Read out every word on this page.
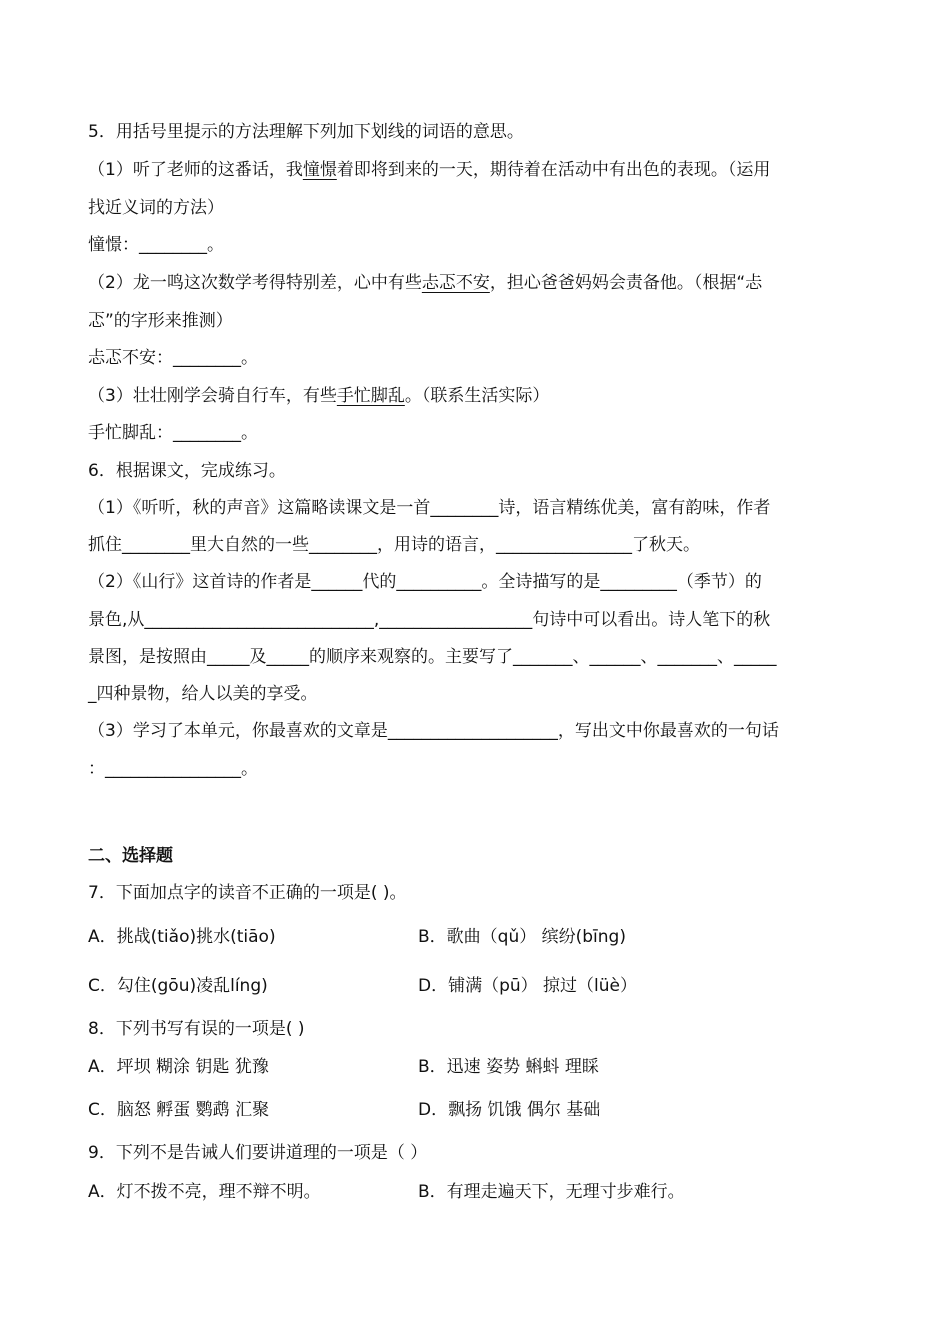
5．用括号里提示的方法理解下列加下划线的词语的意思。
（1）听了老师的这番话，我憧憬着即将到来的一天，期待着在活动中有出色的表现。（运用
找近义词的方法）
憧憬：________。
（2）龙一鸣这次数学考得特别差，心中有些忐忑不安，担心爸爸妈妈会责备他。（根据“忐
忑”的字形来推测）
忐忑不安：________。
（3）壮壮刚学会骑自行车，有些手忙脚乱。（联系生活实际）
手忙脚乱：________。
6．根据课文，完成练习。
（1）《听听，秋的声音》这篇略读课文是一首________诗，语言精练优美，富有韵味，作者
抓住________里大自然的一些________，用诗的语言，________________了秋天。
（2）《山行》这首诗的作者是______代的__________。全诗描写的是_________（季节）的
景色,从___________________________,__________________句诗中可以看出。诗人笔下的秋
景图，是按照由_____及_____的顺序来观察的。主要写了_______、______、_______、_____
_四种景物，给人以美的享受。
（3）学习了本单元，你最喜欢的文章是____________________，写出文中你最喜欢的一句话
：________________。
二、选择题
7．下面加点字的读音不正确的一项是( )。
A．挑战(tiǎo)挑水(tiāo)	B．歌曲（qǔ） 缤纷(bīng)
C．勾住(gōu)凌乱líng)	D．铺满（pū） 掠过（lüè）
8．下列书写有误的一项是( )
A．坪坝 糊涂 钥匙 犹豫	B．迅速 姿势 蝌蚪 理睬
C．脑怒 孵蛋 鹦鹉 汇聚	D．飘扬 饥饿 偶尔 基础
9．下列不是告诫人们要讲道理的一项是（ ）
A．灯不拨不亮，理不辩不明。	B．有理走遍天下，无理寸步难行。
